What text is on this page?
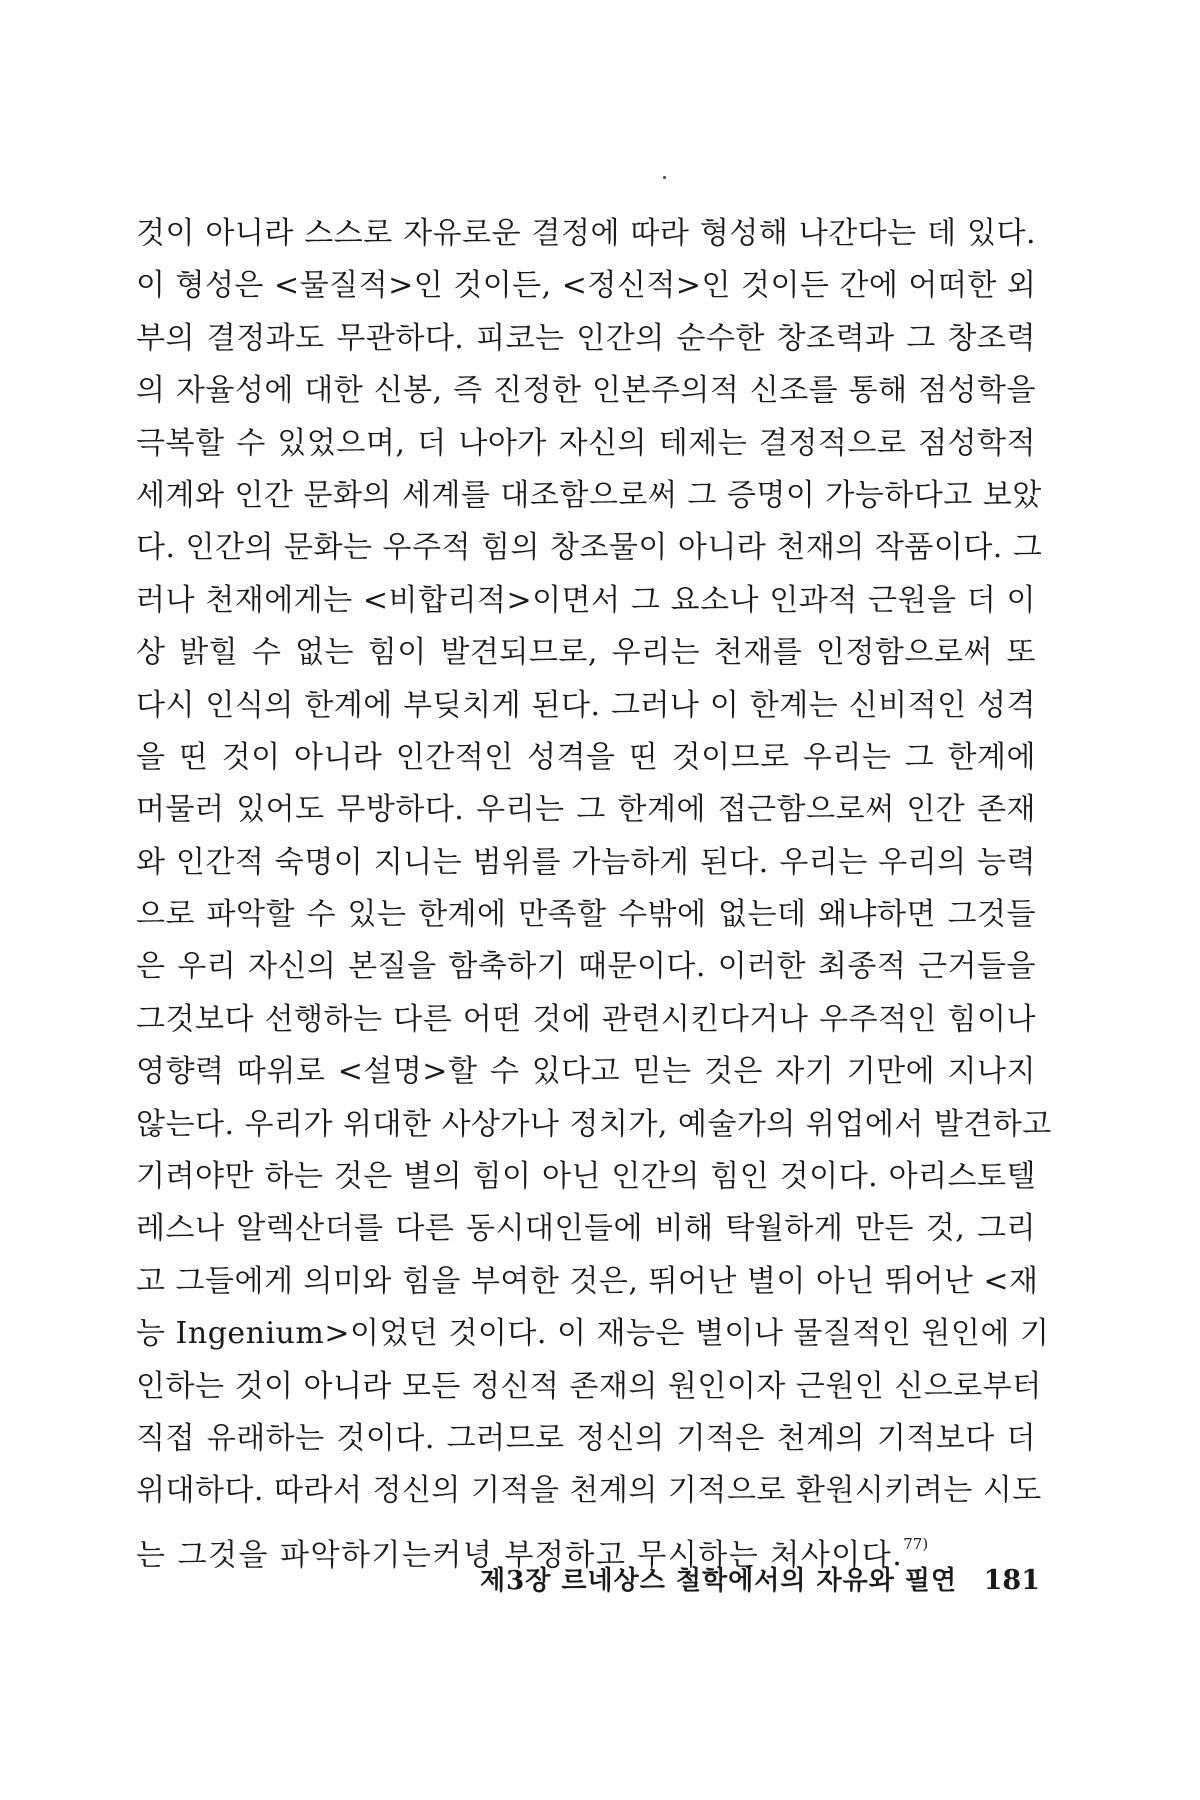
것이 아니라 스스로 자유로운 결정에 따라 형성해 나간다는 데 있다.
이 형성은 <물질적>인 것이든, <정신적>인 것이든 간에 어떠한 외
부의 결정과도 무관하다. 피코는 인간의 순수한 창조력과 그 창조력
의 자율성에 대한 신봉, 즉 진정한 인본주의적 신조를 통해 점성학을
극복할 수 있었으며, 더 나아가 자신의 테제는 결정적으로 점성학적
세계와 인간 문화의 세계를 대조함으로써 그 증명이 가능하다고 보았
다. 인간의 문화는 우주적 힘의 창조물이 아니라 천재의 작품이다. 그
러나 천재에게는 <비합리적>이면서 그 요소나 인과적 근원을 더 이
상 밝힐 수 없는 힘이 발견되므로, 우리는 천재를 인정함으로써 또
다시 인식의 한계에 부딪치게 된다. 그러나 이 한계는 신비적인 성격
을 띤 것이 아니라 인간적인 성격을 띤 것이므로 우리는 그 한계에
머물러 있어도 무방하다. 우리는 그 한계에 접근함으로써 인간 존재
와 인간적 숙명이 지니는 범위를 가늠하게 된다. 우리는 우리의 능력
으로 파악할 수 있는 한계에 만족할 수밖에 없는데 왜냐하면 그것들
은 우리 자신의 본질을 함축하기 때문이다. 이러한 최종적 근거들을
그것보다 선행하는 다른 어떤 것에 관련시킨다거나 우주적인 힘이나
영향력 따위로 <설명>할 수 있다고 믿는 것은 자기 기만에 지나지
않는다. 우리가 위대한 사상가나 정치가, 예술가의 위업에서 발견하고
기려야만 하는 것은 별의 힘이 아닌 인간의 힘인 것이다. 아리스토텔
레스나 알렉산더를 다른 동시대인들에 비해 탁월하게 만든 것, 그리
고 그들에게 의미와 힘을 부여한 것은, 뛰어난 별이 아닌 뛰어난 <재
능 Ingenium>이었던 것이다. 이 재능은 별이나 물질적인 원인에 기
인하는 것이 아니라 모든 정신적 존재의 원인이자 근원인 신으로부터
직접 유래하는 것이다. 그러므로 정신의 기적은 천계의 기적보다 더
위대하다. 따라서 정신의 기적을 천계의 기적으로 환원시키려는 시도
는 그것을 파악하기는커녕 부정하고 무시하는 처사이다.$^{77)}$
제3장 르네상스 철학에서의 자유와 필연 181
